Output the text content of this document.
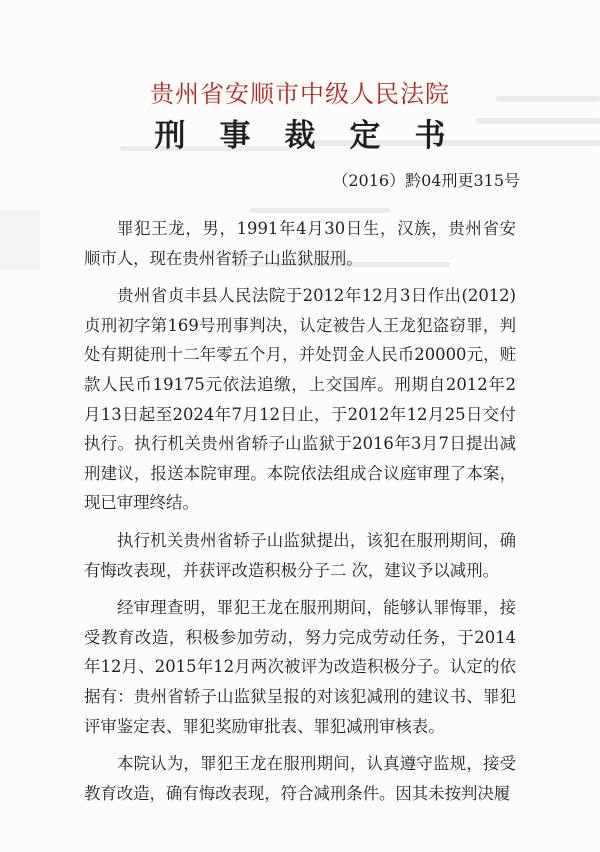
贵州省安顺市中级人民法院
刑事裁定书
（2016）黔04刑更315号

罪犯王龙，男，1991年4月30日生，汉族，贵州省安顺市人，现在贵州省轿子山监狱服刑。

贵州省贞丰县人民法院于2012年12月3日作出(2012)贞刑初字第169号刑事判决，认定被告人王龙犯盗窃罪，判处有期徒刑十二年零五个月，并处罚金人民币20000元，赃款人民币19175元依法追缴，上交国库。刑期自2012年2月13日起至2024年7月12日止，于2012年12月25日交付执行。执行机关贵州省轿子山监狱于2016年3月7日提出减刑建议，报送本院审理。本院依法组成合议庭审理了本案，现已审理终结。

执行机关贵州省轿子山监狱提出，该犯在服刑期间，确有悔改表现，并获评改造积极分子二 次，建议予以减刑。

经审理查明，罪犯王龙在服刑期间，能够认罪悔罪，接受教育改造，积极参加劳动，努力完成劳动任务，于2014年12月、2015年12月两次被评为改造积极分子。认定的依据有：贵州省轿子山监狱呈报的对该犯减刑的建议书、罪犯评审鉴定表、罪犯奖励审批表、罪犯减刑审核表。

本院认为，罪犯王龙在服刑期间，认真遵守监规，接受教育改造，确有悔改表现，符合减刑条件。因其未按判决履
